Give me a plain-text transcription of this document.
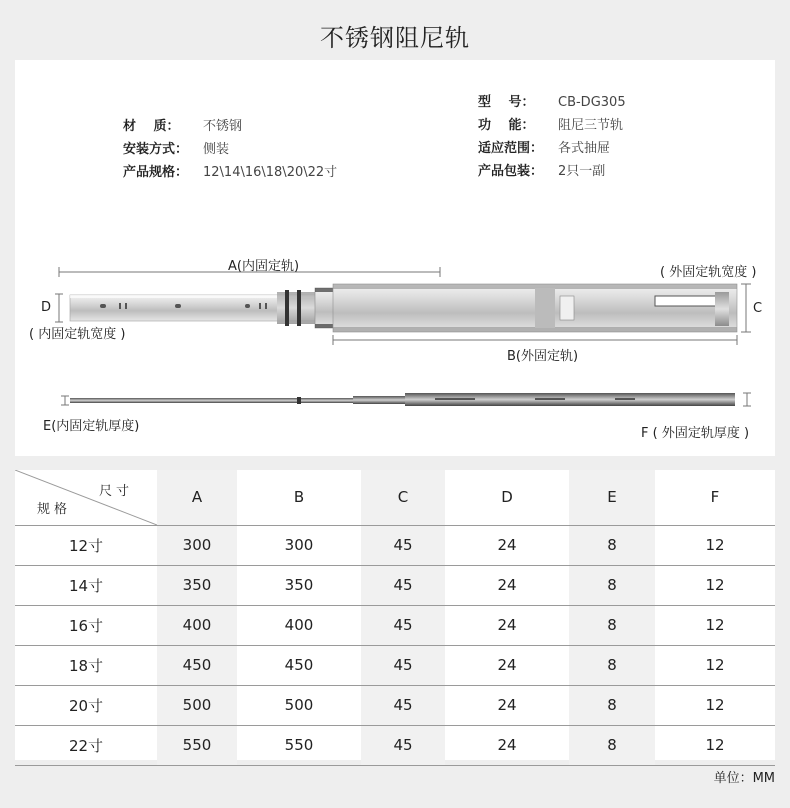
不锈钢阻尼轨
材　 质： 不锈钢
安装方式： 侧装
产品规格： 12\14\16\18\20\22寸
型　 号： CB-DG305
功　 能： 阻尼三节轨
适应范围： 各式抽屉
产品包装： 2只一副
A(内固定轨)	( 外固定轨宽度 )
D	C
( 内固定轨宽度 )
B(外固定轨)
E(内固定轨厚度)	F ( 外固定轨厚度 )
尺寸
规格	A	B	C	D	E	F
12寸	300	300	45	24	8	12
14寸	350	350	45	24	8	12
16寸	400	400	45	24	8	12
18寸	450	450	45	24	8	12
20寸	500	500	45	24	8	12
22寸	550	550	45	24	8	12
单位：MM
